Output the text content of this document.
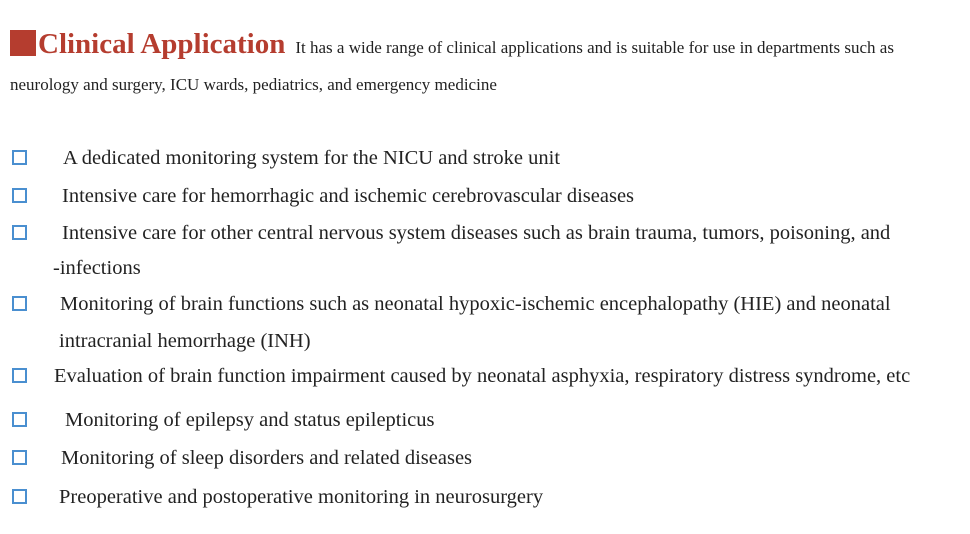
Clinical Application It has a wide range of clinical applications and is suitable for use in departments such as neurology and surgery, ICU wards, pediatrics, and emergency medicine
A dedicated monitoring system for the NICU and stroke unit
Intensive care for hemorrhagic and ischemic cerebrovascular diseases
Intensive care for other central nervous system diseases such as brain trauma, tumors, poisoning, and
-infections
Monitoring of brain functions such as neonatal hypoxic-ischemic encephalopathy (HIE) and neonatal
intracranial hemorrhage (INH)
Evaluation of brain function impairment caused by neonatal asphyxia, respiratory distress syndrome, etc
Monitoring of epilepsy and status epilepticus
Monitoring of sleep disorders and related diseases
Preoperative and postoperative monitoring in neurosurgery
